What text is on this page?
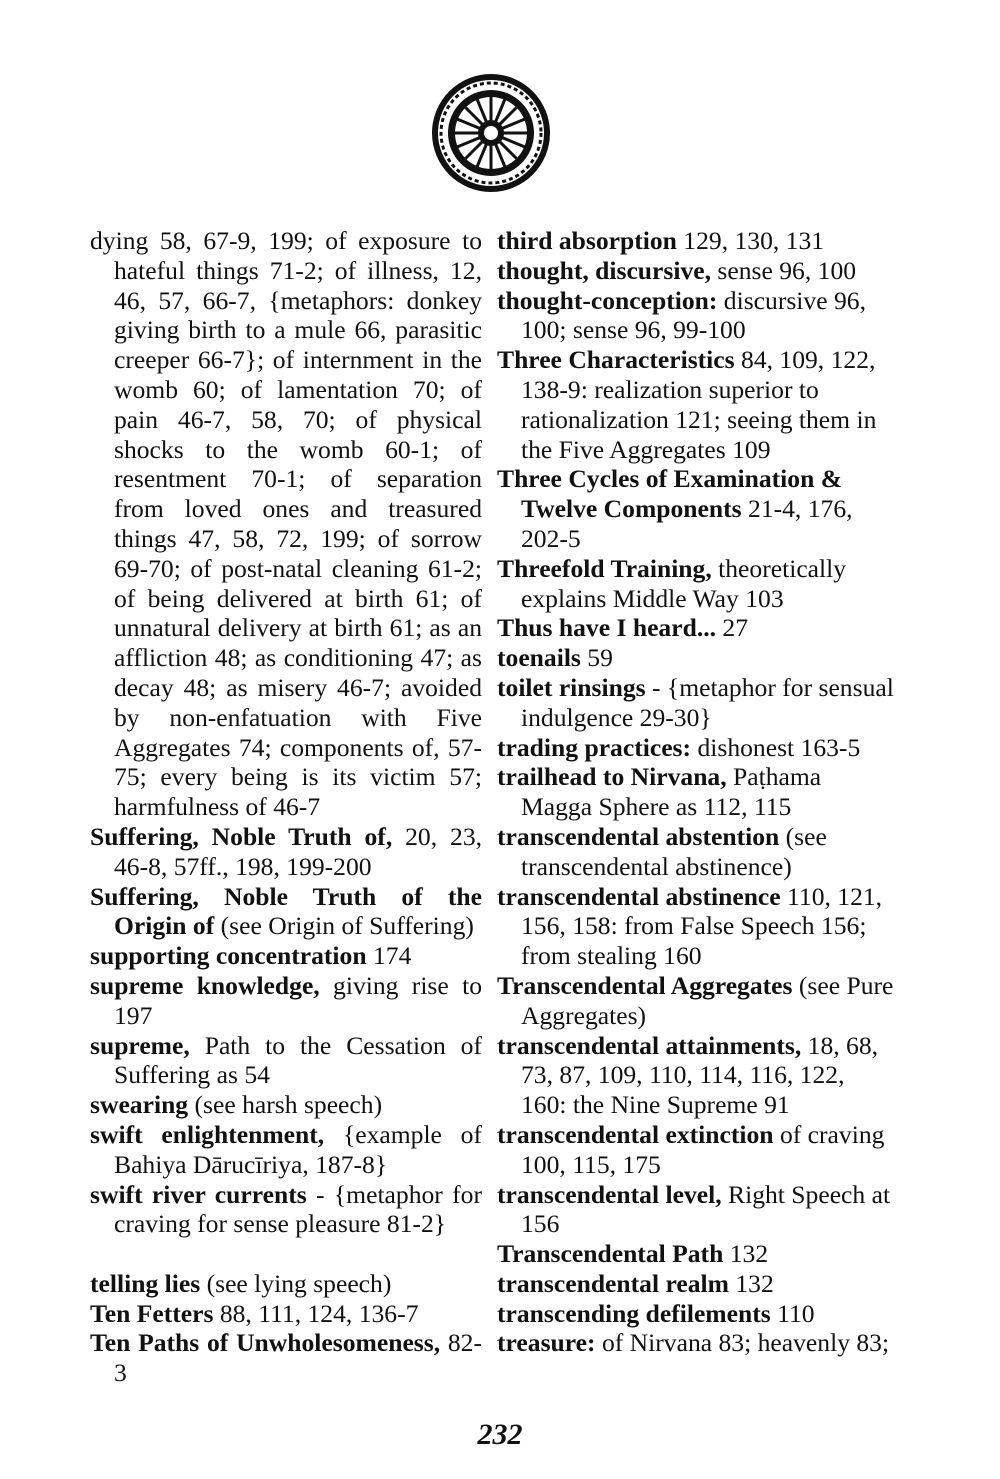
dying 58, 67-9, 199; of exposure to hateful things 71-2; of illness, 12, 46, 57, 66-7, {metaphors: donkey giving birth to a mule 66, parasitic creeper 66-7}; of internment in the womb 60; of lamentation 70; of pain 46-7, 58, 70; of physical shocks to the womb 60-1; of resentment 70-1; of separation from loved ones and treasured things 47, 58, 72, 199; of sorrow 69-70; of post-natal cleaning 61-2; of being delivered at birth 61; of unnatural delivery at birth 61; as an affliction 48; as conditioning 47; as decay 48; as misery 46-7; avoided by non-enfatuation with Five Aggregates 74; components of, 57-75; every being is its victim 57; harmfulness of 46-7

Suffering, Noble Truth of, 20, 23, 46-8, 57ff., 198, 199-200

Suffering, Noble Truth of the Origin of (see Origin of Suffering)

supporting concentration 174

supreme knowledge, giving rise to 197

supreme, Path to the Cessation of Suffering as 54

swearing (see harsh speech)

swift enlightenment, {example of Bahiya Dārucīriya, 187-8}

swift river currents - {metaphor for craving for sense pleasure 81-2}

telling lies (see lying speech)

Ten Fetters 88, 111, 124, 136-7

Ten Paths of Unwholesomeness, 82-3

third absorption 129, 130, 131

thought, discursive, sense 96, 100

thought-conception: discursive 96, 100; sense 96, 99-100

Three Characteristics 84, 109, 122, 138-9: realization superior to rationalization 121; seeing them in the Five Aggregates 109

Three Cycles of Examination & Twelve Components 21-4, 176, 202-5

Threefold Training, theoretically explains Middle Way 103

Thus have I heard... 27

toenails 59

toilet rinsings - {metaphor for sensual indulgence 29-30}

trading practices: dishonest 163-5

trailhead to Nirvana, Paṭhama Magga Sphere as 112, 115

transcendental abstention (see transcendental abstinence)

transcendental abstinence 110, 121, 156, 158: from False Speech 156; from stealing 160

Transcendental Aggregates (see Pure Aggregates)

transcendental attainments, 18, 68, 73, 87, 109, 110, 114, 116, 122, 160: the Nine Supreme 91

transcendental extinction of craving 100, 115, 175

transcendental level, Right Speech at 156

Transcendental Path 132

transcendental realm 132

transcending defilements 110

treasure: of Nirvana 83; heavenly 83;

232
